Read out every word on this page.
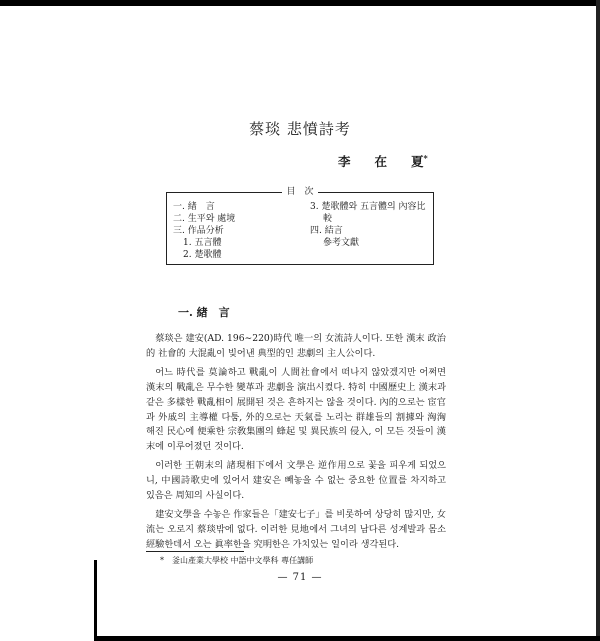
蔡琰 悲憤詩考
李 在 夏*
目　次
一. 緖　言
二. 生平와 處境
三. 作品分析
1. 五言體
2. 楚歌體
3. 楚歌體와 五言體의 內容比
較
四. 結言
參考文獻
一. 緖　言

蔡琰은 建安(AD. 196∼220)時代 唯一의 女流詩人이다. 또한 漢末 政治的 社會的 大混亂이 빚어낸 典型的인 悲劇의 主人公이다.

어느 時代를 莫論하고 戰亂이 人間社會에서 떠나지 않았겠지만 어쩌면 漢末의 戰亂은 무수한 變革과 悲劇을 演出시켰다. 特히 中國歷史上 漢末과 같은 多樣한 戰亂相이 展開된 것은 흔하지는 않을 것이다. 內的으로는 宦官과 外戚의 主導權 다툼, 外的으로는 天氣를 노리는 群雄들의 割據와 洶洶해진 民心에 便乘한 宗敎集團의 蜂起 및 異民族의 侵入, 이 모든 것들이 漢末에 이루어졌던 것이다.

이러한 王朝末의 諸現相下에서 文學은 逆作用으로 꽃을 피우게 되었으니, 中國詩歌史에 있어서 建安은 빼놓을 수 없는 중요한 位置를 차지하고 있음은 周知의 사실이다.

建安文學을 수놓은 作家들은「建安七子」를 비롯하여 상당히 많지만, 女流는 오로지 蔡琰밖에 없다. 이러한 見地에서 그녀의 남다른 성계발과 몸소 經驗한데서 오는 眞率한을 究明한은 가치있는 일이라 생각된다.

*　釜山產業大學校 中語中文學科 專任講師
— 71 —
